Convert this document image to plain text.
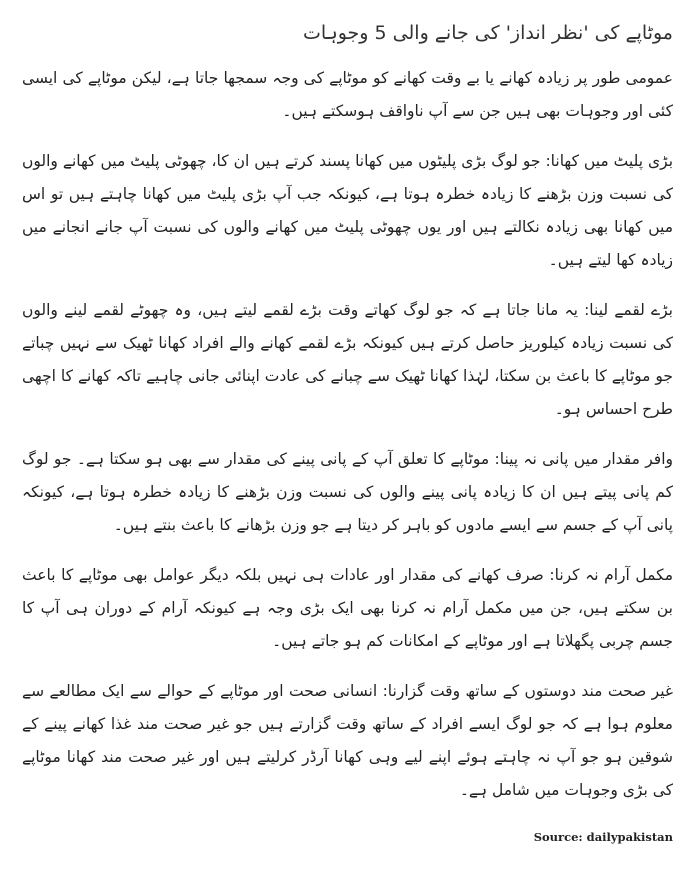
موٹاپے کی 'نظر انداز' کی جانے والی 5 وجوہات

عمومی طور پر زیادہ کھانے یا بے وقت کھانے کو موٹاپے کی وجہ سمجھا جاتا ہے، لیکن موٹاپے کی ایسی کئی اور وجوہات بھی ہیں جن سے آپ ناواقف ہوسکتے ہیں۔

بڑی پلیٹ میں کھانا: جو لوگ بڑی پلیٹوں میں کھانا پسند کرتے ہیں ان کا، چھوٹی پلیٹ میں کھانے والوں کی نسبت وزن بڑھنے کا زیادہ خطرہ ہوتا ہے، کیونکہ جب آپ بڑی پلیٹ میں کھانا چاہتے ہیں تو اس میں کھانا بھی زیادہ نکالتے ہیں اور یوں چھوٹی پلیٹ میں کھانے والوں کی نسبت آپ جانے انجانے میں زیادہ کھا لیتے ہیں۔

بڑے لقمے لینا: یہ مانا جاتا ہے کہ جو لوگ کھاتے وقت بڑے لقمے لیتے ہیں، وہ چھوٹے لقمے لینے والوں کی نسبت زیادہ کیلوریز حاصل کرتے ہیں کیونکہ بڑے لقمے کھانے والے افراد کھانا ٹھیک سے نہیں چباتے جو موٹاپے کا باعث بن سکتا، لہٰذا کھانا ٹھیک سے چبانے کی عادت اپنائی جانی چاہیے تاکہ کھانے کا اچھی طرح احساس ہو۔

وافر مقدار میں پانی نہ پینا: موٹاپے کا تعلق آپ کے پانی پینے کی مقدار سے بھی ہو سکتا ہے۔ جو لوگ کم پانی پیتے ہیں ان کا زیادہ پانی پینے والوں کی نسبت وزن بڑھنے کا زیادہ خطرہ ہوتا ہے، کیونکہ پانی آپ کے جسم سے ایسے مادوں کو باہر کر دیتا ہے جو وزن بڑھانے کا باعث بنتے ہیں۔

مکمل آرام نہ کرنا: صرف کھانے کی مقدار اور عادات ہی نہیں بلکہ دیگر عوامل بھی موٹاپے کا باعث بن سکتے ہیں، جن میں مکمل آرام نہ کرنا بھی ایک بڑی وجہ ہے کیونکہ آرام کے دوران ہی آپ کا جسم چربی پگھلاتا ہے اور موٹاپے کے امکانات کم ہو جاتے ہیں۔

غیر صحت مند دوستوں کے ساتھ وقت گزارنا: انسانی صحت اور موٹاپے کے حوالے سے ایک مطالعے سے معلوم ہوا ہے کہ جو لوگ ایسے افراد کے ساتھ وقت گزارتے ہیں جو غیر صحت مند غذا کھانے پینے کے شوقین ہو جو آپ نہ چاہتے ہوئے اپنے لیے وہی کھانا آرڈر کرلیتے ہیں اور غیر صحت مند کھانا موٹاپے کی بڑی وجوہات میں شامل ہے۔

Source: dailypakistan
